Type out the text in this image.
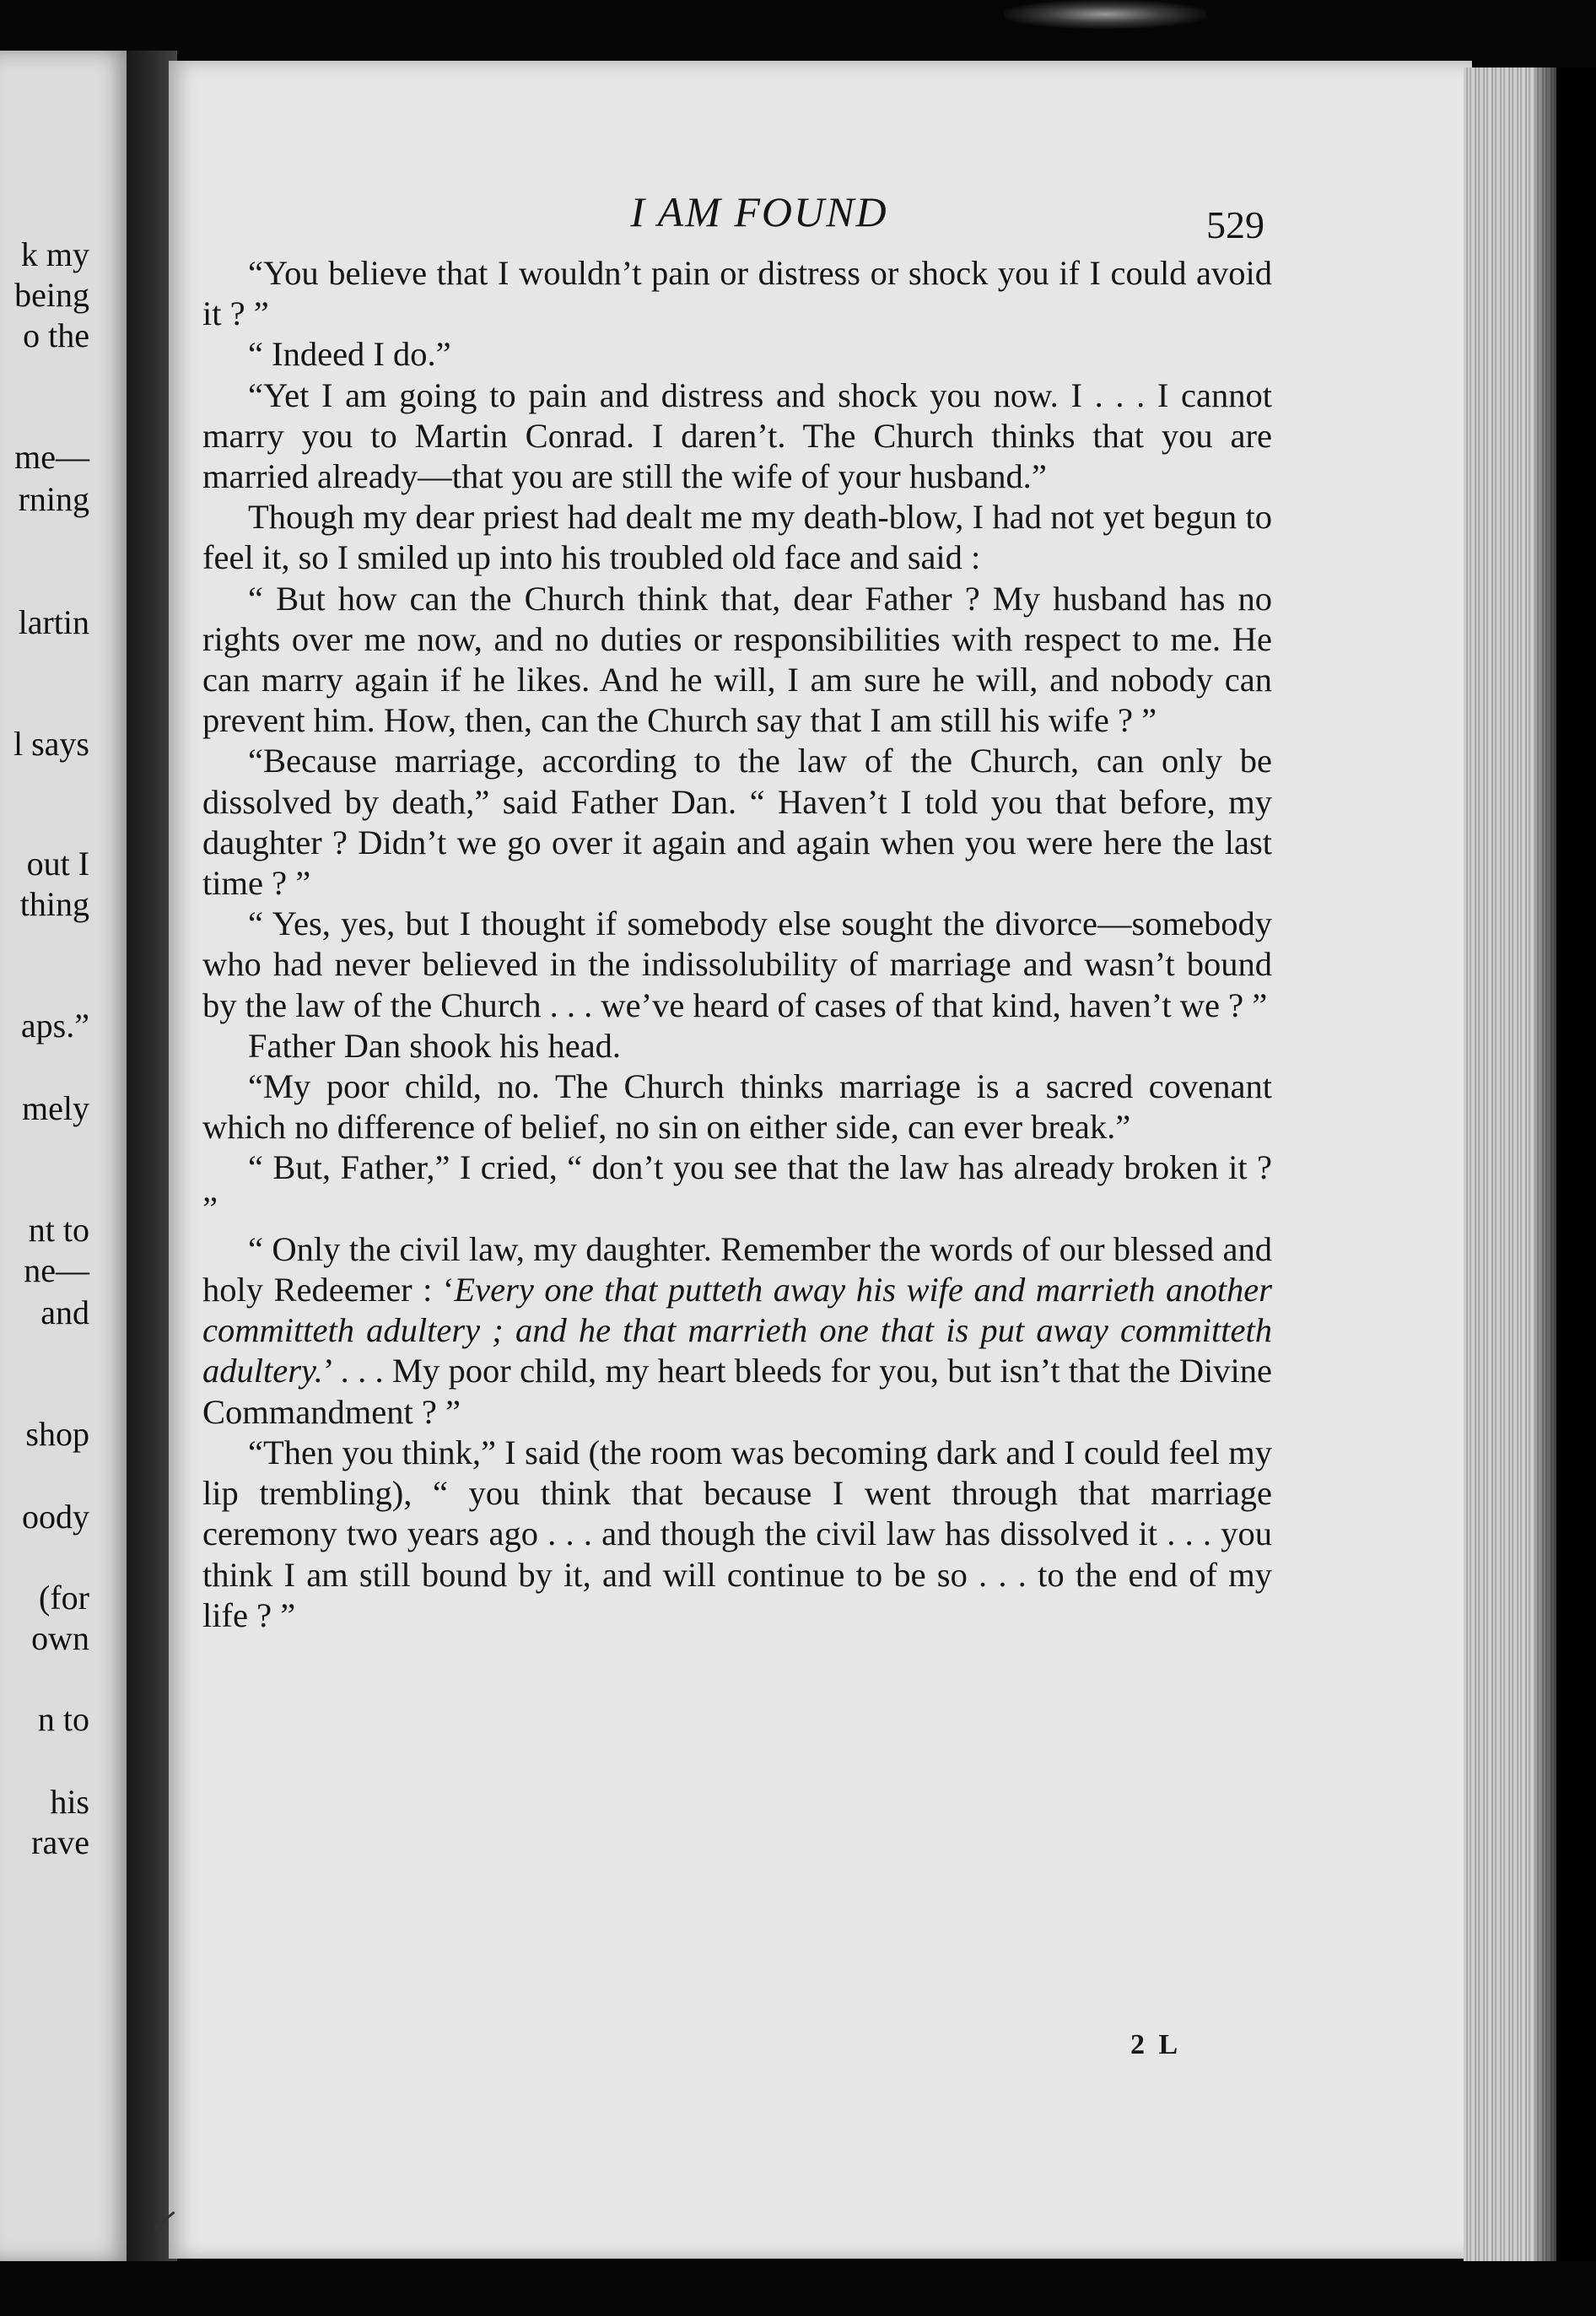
k my
being
o the
me—
rning
lartin
l says
out I
thing
aps.”
mely
nt to
ne—
and
shop
oody
(for
own
n to
his
rave
I AM FOUND	529

“You believe that I wouldn’t pain or distress or shock you if I could avoid it ? ”

“ Indeed I do.”

“Yet I am going to pain and distress and shock you now. I . . . I cannot marry you to Martin Conrad. I daren’t. The Church thinks that you are married already—that you are still the wife of your husband.”

Though my dear priest had dealt me my death-blow, I had not yet begun to feel it, so I smiled up into his troubled old face and said :

“ But how can the Church think that, dear Father ? My husband has no rights over me now, and no duties or responsibilities with respect to me. He can marry again if he likes. And he will, I am sure he will, and nobody can prevent him. How, then, can the Church say that I am still his wife ? ”

“Because marriage, according to the law of the Church, can only be dissolved by death,” said Father Dan. “ Haven’t I told you that before, my daughter ? Didn’t we go over it again and again when you were here the last time ? ”

“ Yes, yes, but I thought if somebody else sought the divorce—somebody who had never believed in the indissolubility of marriage and wasn’t bound by the law of the Church . . . we’ve heard of cases of that kind, haven’t we ? ”

Father Dan shook his head.

“My poor child, no. The Church thinks marriage is a sacred covenant which no difference of belief, no sin on either side, can ever break.”

“ But, Father,” I cried, “ don’t you see that the law has already broken it ? ”

“ Only the civil law, my daughter. Remember the words of our blessed and holy Redeemer : ‘Every one that putteth away his wife and marrieth another committeth adultery ; and he that marrieth one that is put away committeth adultery.’ . . . My poor child, my heart bleeds for you, but isn’t that the Divine Commandment ? ”

“Then you think,” I said (the room was becoming dark and I could feel my lip trembling), “ you think that because I went through that marriage ceremony two years ago . . . and though the civil law has dissolved it . . . you think I am still bound by it, and will continue to be so . . . to the end of my life ? ”

2 L
